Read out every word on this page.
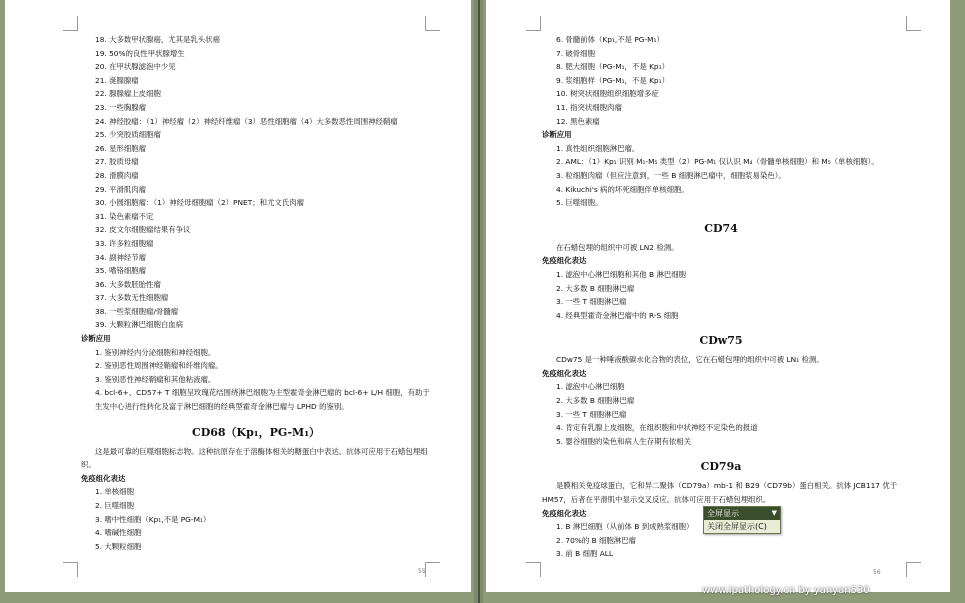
18. 大多数甲状腺癌，尤其是乳头状癌
19. 50%的良性甲状腺增生
20. 在甲状腺滤泡中少见
21. 涎腺腺瘤
22. 腺腺瘤上皮细胞
23. 一些胸腺瘤
24. 神经胶瘤：（1）神经瘤（2）神经纤维瘤（3）恶性细胞瘤（4）大多数恶性周围神经鞘瘤
25. 少突胶质细胞瘤
26. 星形细胞瘤
27. 胶质母瘤
28. 滑膜肉瘤
29. 平滑肌肉瘤
30. 小圆细胞瘤：（1）神经母细胞瘤（2）PNET；和尤文氏肉瘤
31. 染色素瘤不定
32. 皮文尔细胞瘤结果有争议
33. 许多粒细胞瘤
34. 副神经节瘤
35. 嗜铬细胞瘤
36. 大多数胚胎性瘤
37. 大多数无性细胞瘤
38. 一些浆细胞瘤/骨髓瘤
39. 大颗粒淋巴细胞白血病
诊断应用
1. 鉴别神经内分泌细胞和神经细胞。
2. 鉴别恶性周围神经鞘瘤和纤维肉瘤。
3. 鉴别恶性神经鞘瘤和其他粘液瘤。
4. bcl-6+、CD57+ T 细胞呈玫瑰花结围绕淋巴细胞为主型霍奇金淋巴瘤的 bcl-6+ L/H 细胞，有助于生发中心进行性转化及富于淋巴细胞的经典型霍奇金淋巴瘤与 LPHD 的鉴别。
CD68（Kp₁，PG-M₁）
这是最可靠的巨噬细胞标志物。这种抗原存在于溶酶体相关的糖蛋白中表达。抗体可应用于石蜡包埋组织。
免疫组化表达
1. 单核细胞
2. 巨噬细胞
3. 嗜中性细胞（Kp₁,不是 PG-M₁）
4. 嗜碱性细胞
5. 大颗粒细胞
55
6. 骨髓前体（Kp₁,不是 PG-M₁）
7. 破骨细胞
8. 肥大细胞（PG-M₁，不是 Kp₁）
9. 浆细胞样（PG-M₁，不是 Kp₁）
10. 树突状细胞组织细胞增多症
11. 指突状细胞肉瘤
12. 黑色素瘤
诊断应用
1. 真性组织细胞淋巴瘤。
2. AML：（1）Kp₁ 识别 M₁-M₅ 类型（2）PG-M₁ 仅认识 M₄（骨髓单核细胞）和 M₅（单核细胞）。
3. 粒细胞肉瘤（但应注意到，一些 B 细胞淋巴瘤中，细胞浆易染色）。
4. Kikuchi's 病的坏死细胞伴单核细胞。
5. 巨噬细胞。
CD74
在石蜡包埋的组织中可被 LN2 检测。
免疫组化表达
1. 滤泡中心淋巴细胞和其他 B 淋巴细胞
2. 大多数 B 细胞淋巴瘤
3. 一些 T 细胞淋巴瘤
4. 经典型霍奇金淋巴瘤中的 R-S 细胞
CDw75
CDw75 是一种唾液酸碳水化合物的表位，它在石蜡包埋的组织中可被 LN₁ 检测。
免疫组化表达
1. 滤泡中心淋巴细胞
2. 大多数 B 细胞淋巴瘤
3. 一些 T 细胞淋巴瘤
4. 肯定有乳腺上皮细胞，在组织胞和中状神经不定染色的报道
5. 婴谷细胞的染色和病人生存期有依相关
CD79a
是膜相关免疫球蛋白，它和异二聚体（CD79a）mb-1 和 B29（CD79b）蛋白相关。抗体 JCB117 优于 HM57，后者在平滑肌中显示交叉反应。抗体可应用于石蜡包埋组织。
免疫组化表达
1. B 淋巴细胞（从前体 B 到成熟浆细胞）
2. 70%的 B 细胞淋巴瘤
3. 前 B 细胞 ALL
56
全屏显示	▼
关闭全屏显示(C)
www.ipathology.cn by yanyan530
